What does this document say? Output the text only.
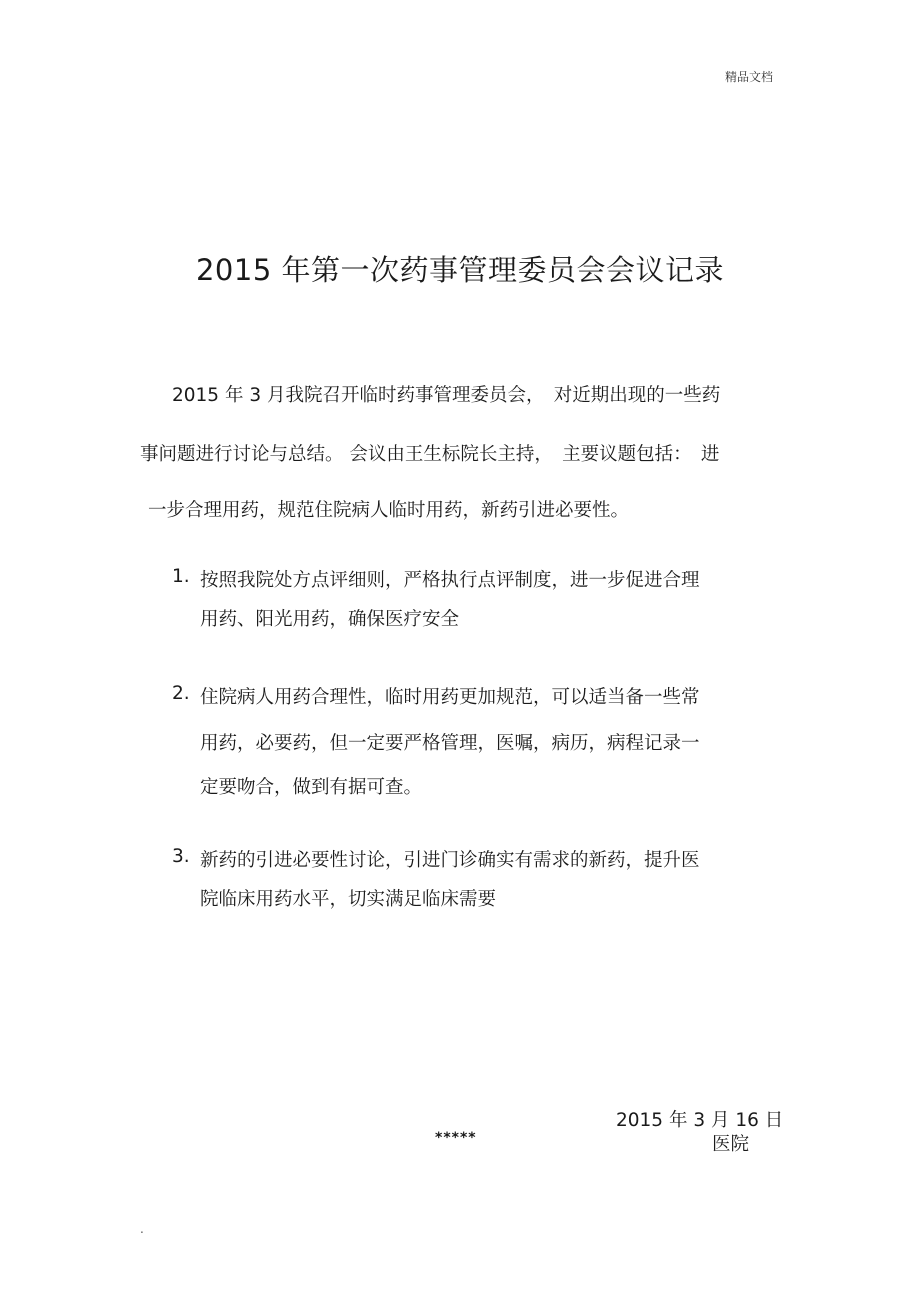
精品文档
2015 年第一次药事管理委员会会议记录
2015 年 3 月我院召开临时药事管理委员会，　对近期出现的一些药
事问题进行讨论与总结。 会议由王生标院长主持，　主要议题包括：　进
一步合理用药，规范住院病人临时用药，新药引进必要性。
1. 按照我院处方点评细则，严格执行点评制度，进一步促进合理
用药、阳光用药，确保医疗安全
2. 住院病人用药合理性，临时用药更加规范，可以适当备一些常
用药，必要药，但一定要严格管理，医嘱，病历，病程记录一
定要吻合，做到有据可查。
3. 新药的引进必要性讨论，引进门诊确实有需求的新药，提升医
院临床用药水平，切实满足临床需要
2015 年 3 月 16 日
*****	医院
.
